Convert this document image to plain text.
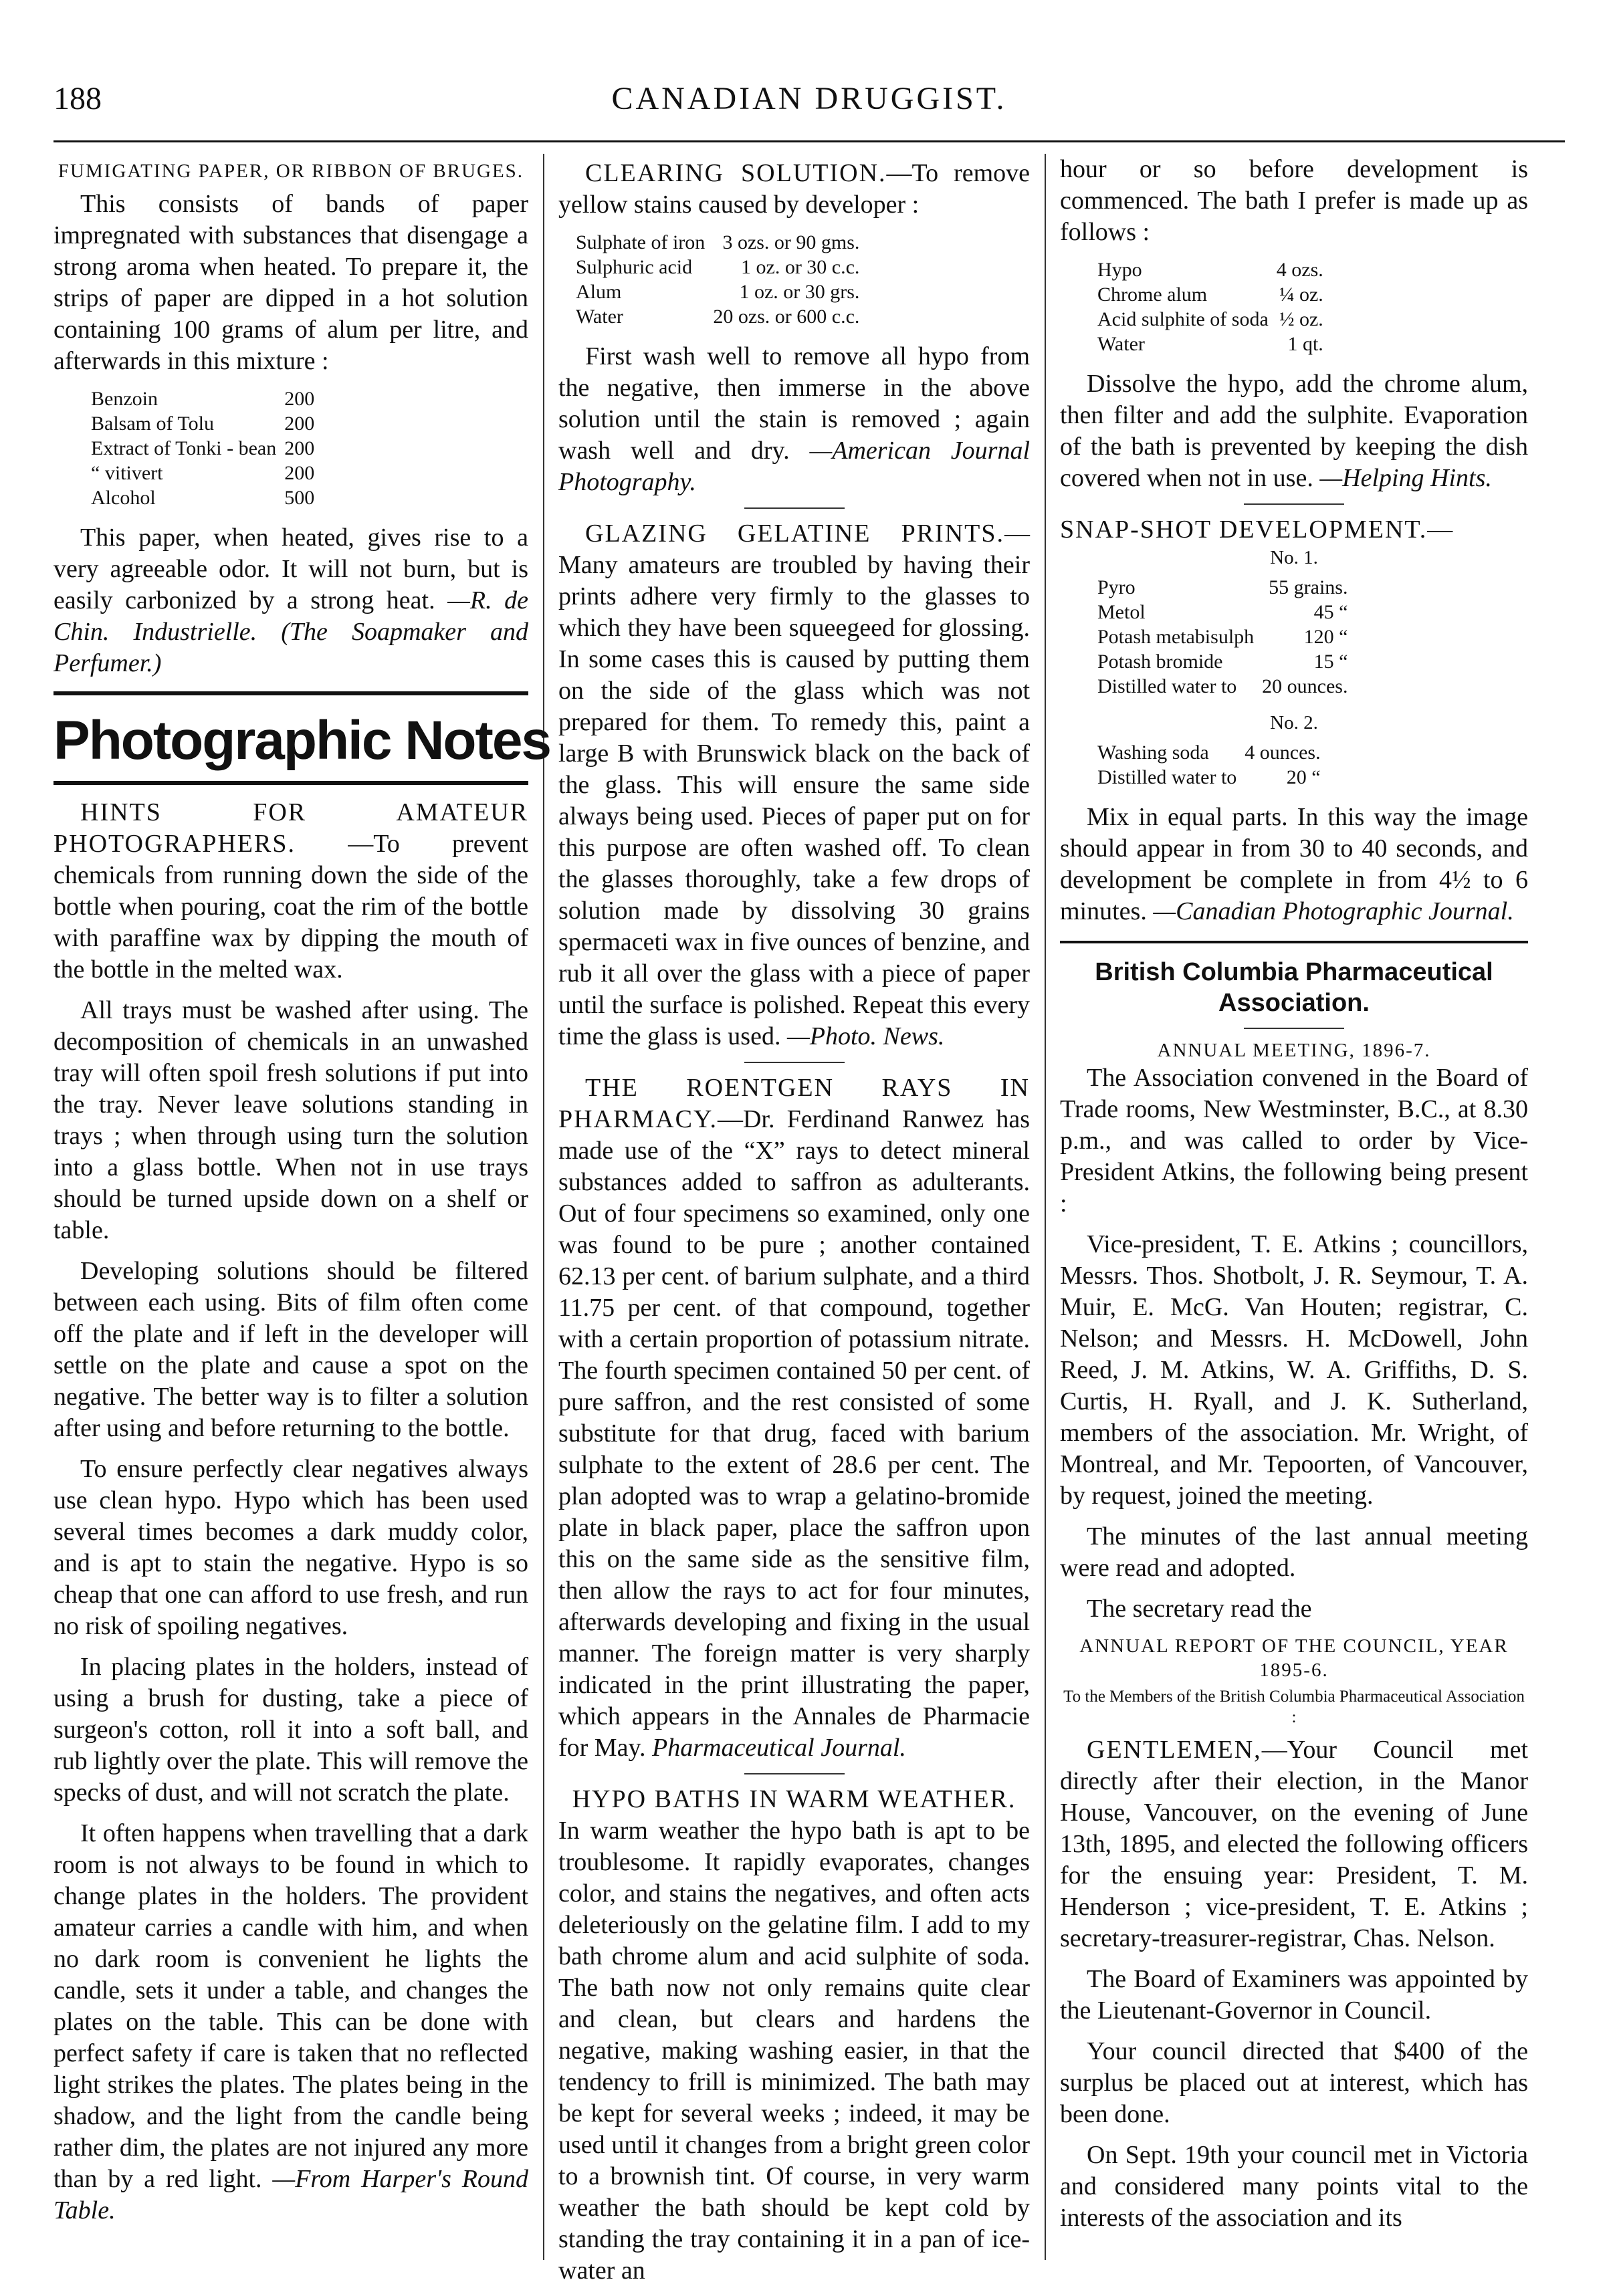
188	CANADIAN DRUGGIST.
FUMIGATING PAPER, OR RIBBON OF BRUGES.

This consists of bands of paper impregnated with substances that disengage a strong aroma when heated. To prepare it, the strips of paper are dipped in a hot solution containing 100 grams of alum per litre, and afterwards in this mixture :

Benzoin	200
Balsam of Tolu	200
Extract of Tonki - bean	200
“ vitivert	200
Alcohol	500

This paper, when heated, gives rise to a very agreeable odor. It will not burn, but is easily carbonized by a strong heat. —R. de Chin. Industrielle. (The Soapmaker and Perfumer.)

Photographic Notes

HINTS FOR AMATEUR PHOTOGRAPHERS. —To prevent chemicals from running down the side of the bottle when pouring, coat the rim of the bottle with paraffine wax by dipping the mouth of the bottle in the melted wax.

All trays must be washed after using. The decomposition of chemicals in an unwashed tray will often spoil fresh solutions if put into the tray. Never leave solutions standing in trays ; when through using turn the solution into a glass bottle. When not in use trays should be turned upside down on a shelf or table.

Developing solutions should be filtered between each using. Bits of film often come off the plate and if left in the developer will settle on the plate and cause a spot on the negative. The better way is to filter a solution after using and before returning to the bottle.

To ensure perfectly clear negatives always use clean hypo. Hypo which has been used several times becomes a dark muddy color, and is apt to stain the negative. Hypo is so cheap that one can afford to use fresh, and run no risk of spoiling negatives.

In placing plates in the holders, instead of using a brush for dusting, take a piece of surgeon's cotton, roll it into a soft ball, and rub lightly over the plate. This will remove the specks of dust, and will not scratch the plate.

It often happens when travelling that a dark room is not always to be found in which to change plates in the holders. The provident amateur carries a candle with him, and when no dark room is convenient he lights the candle, sets it under a table, and changes the plates on the table. This can be done with perfect safety if care is taken that no reflected light strikes the plates. The plates being in the shadow, and the light from the candle being rather dim, the plates are not injured any more than by a red light. —From Harper's Round Table.

CLEARING SOLUTION.—To remove yellow stains caused by developer :

Sulphate of iron	3 ozs. or 90 gms.
Sulphuric acid	1 oz. or 30 c.c.
Alum	1 oz. or 30 grs.
Water	20 ozs. or 600 c.c.

First wash well to remove all hypo from the negative, then immerse in the above solution until the stain is removed ; again wash well and dry. —American Journal Photography.

GLAZING GELATINE PRINTS.—Many amateurs are troubled by having their prints adhere very firmly to the glasses to which they have been squeegeed for glossing. In some cases this is caused by putting them on the side of the glass which was not prepared for them. To remedy this, paint a large B with Brunswick black on the back of the glass. This will ensure the same side always being used. Pieces of paper put on for this purpose are often washed off. To clean the glasses thoroughly, take a few drops of solution made by dissolving 30 grains spermaceti wax in five ounces of benzine, and rub it all over the glass with a piece of paper until the surface is polished. Repeat this every time the glass is used. —Photo. News.

THE ROENTGEN RAYS IN PHARMACY.—Dr. Ferdinand Ranwez has made use of the “X” rays to detect mineral substances added to saffron as adulterants. Out of four specimens so examined, only one was found to be pure ; another contained 62.13 per cent. of barium sulphate, and a third 11.75 per cent. of that compound, together with a certain proportion of potassium nitrate. The fourth specimen contained 50 per cent. of pure saffron, and the rest consisted of some substitute for that drug, faced with barium sulphate to the extent of 28.6 per cent. The plan adopted was to wrap a gelatino-bromide plate in black paper, place the saffron upon this on the same side as the sensitive film, then allow the rays to act for four minutes, afterwards developing and fixing in the usual manner. The foreign matter is very sharply indicated in the print illustrating the paper, which appears in the Annales de Pharmacie for May. Pharmaceutical Journal.

HYPO BATHS IN WARM WEATHER.

In warm weather the hypo bath is apt to be troublesome. It rapidly evaporates, changes color, and stains the negatives, and often acts deleteriously on the gelatine film. I add to my bath chrome alum and acid sulphite of soda. The bath now not only remains quite clear and clean, but clears and hardens the negative, making washing easier, in that the tendency to frill is minimized. The bath may be kept for several weeks ; indeed, it may be used until it changes from a bright green color to a brownish tint. Of course, in very warm weather the bath should be kept cold by standing the tray containing it in a pan of ice-water an

hour or so before development is commenced. The bath I prefer is made up as follows :

Hypo	4 ozs.
Chrome alum	¼ oz.
Acid sulphite of soda	½ oz.
Water	1 qt.

Dissolve the hypo, add the chrome alum, then filter and add the sulphite. Evaporation of the bath is prevented by keeping the dish covered when not in use. —Helping Hints.

SNAP-SHOT DEVELOPMENT.—
No. 1.
Pyro	55 grains.
Metol	45 “
Potash metabisulph	120 “
Potash bromide	15 “
Distilled water to	20 ounces.
No. 2.
Washing soda	4 ounces.
Distilled water to	20 “

Mix in equal parts. In this way the image should appear in from 30 to 40 seconds, and development be complete in from 4½ to 6 minutes. —Canadian Photographic Journal.

British Columbia Pharmaceutical Association.
ANNUAL MEETING, 1896-7.

The Association convened in the Board of Trade rooms, New Westminster, B.C., at 8.30 p.m., and was called to order by Vice-President Atkins, the following being present :

Vice-president, T. E. Atkins ; councillors, Messrs. Thos. Shotbolt, J. R. Seymour, T. A. Muir, E. McG. Van Houten; registrar, C. Nelson; and Messrs. H. McDowell, John Reed, J. M. Atkins, W. A. Griffiths, D. S. Curtis, H. Ryall, and J. K. Sutherland, members of the association. Mr. Wright, of Montreal, and Mr. Tepoorten, of Vancouver, by request, joined the meeting.

The minutes of the last annual meeting were read and adopted.

The secretary read the

ANNUAL REPORT OF THE COUNCIL, YEAR 1895-6.
To the Members of the British Columbia Pharmaceutical Association :

GENTLEMEN,—Your Council met directly after their election, in the Manor House, Vancouver, on the evening of June 13th, 1895, and elected the following officers for the ensuing year: President, T. M. Henderson ; vice-president, T. E. Atkins ; secretary-treasurer-registrar, Chas. Nelson.

The Board of Examiners was appointed by the Lieutenant-Governor in Council.

Your council directed that $400 of the surplus be placed out at interest, which has been done.

On Sept. 19th your council met in Victoria and considered many points vital to the interests of the association and its
